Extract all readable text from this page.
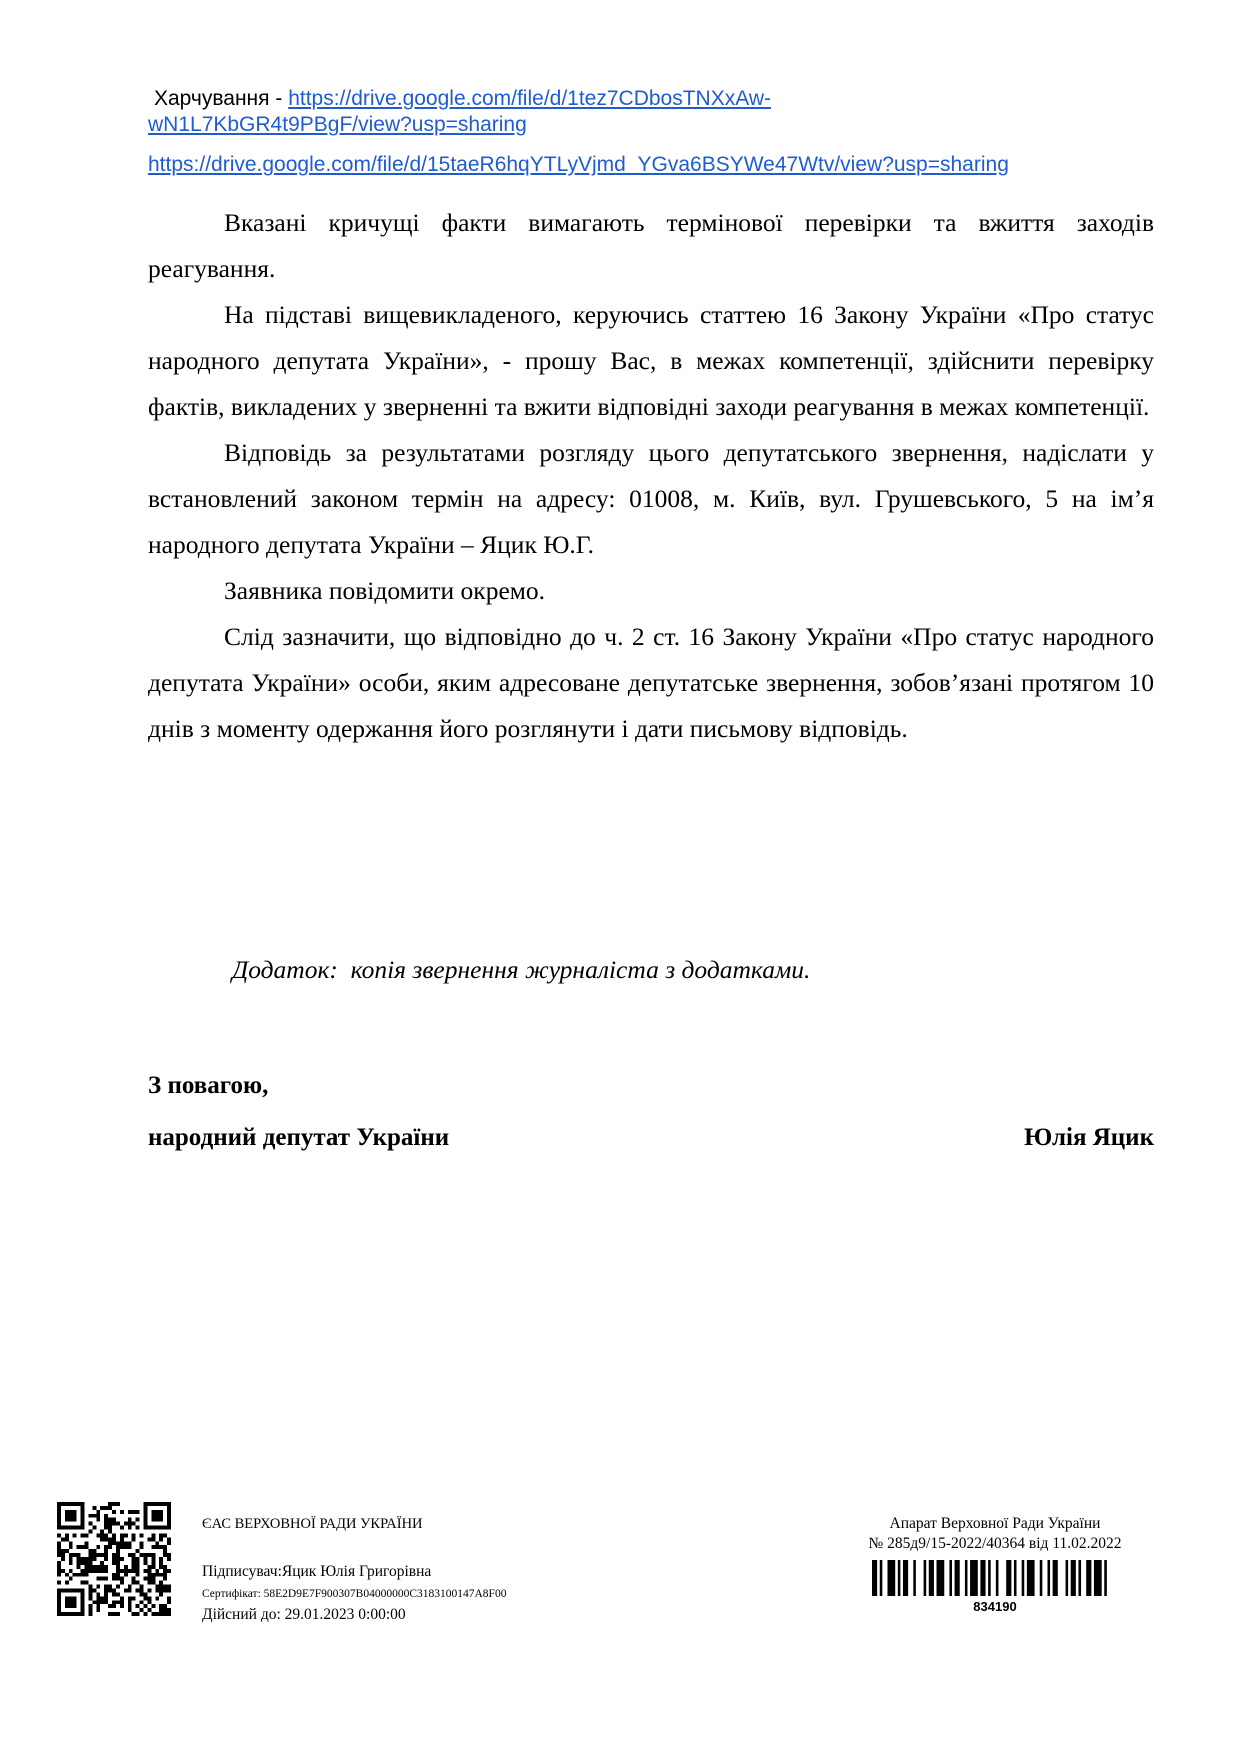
Харчування - https://drive.google.com/file/d/1tez7CDbosTNXxAw-
wN1L7KbGR4t9PBgF/view?usp=sharing
https://drive.google.com/file/d/15taeR6hqYTLyVjmd_YGva6BSYWe47Wtv/view?usp=sharing

Вказані кричущі факти вимагають термінової перевірки та вжиття заходів реагування.

На підставі вищевикладеного, керуючись статтею 16 Закону України «Про статус народного депутата України», - прошу Вас, в межах компетенції, здійснити перевірку фактів, викладених у зверненні та вжити відповідні заходи реагування в межах компетенції.

Відповідь за результатами розгляду цього депутатського звернення, надіслати у встановлений законом термін на адресу: 01008, м. Київ, вул. Грушевського, 5 на ім’я народного депутата України – Яцик Ю.Г.

Заявника повідомити окремо.

Слід зазначити, що відповідно до ч. 2 ст. 16 Закону України «Про статус народного депутата України» особи, яким адресоване депутатське звернення, зобов’язані протягом 10 днів з моменту одержання його розглянути і дати письмову відповідь.

Додаток:  копія звернення журналіста з додатками.
З повагою,
народний депутат України	Юлія Яцик
ЄАС ВЕРХОВНОЇ РАДИ УКРАЇНИ
Підписувач:Яцик Юлія Григорівна
Сертифікат: 58E2D9E7F900307B04000000C3183100147A8F00
Дійсний до: 29.01.2023 0:00:00
Апарат Верховної Ради України
№ 285д9/15-2022/40364 від 11.02.2022
834190
